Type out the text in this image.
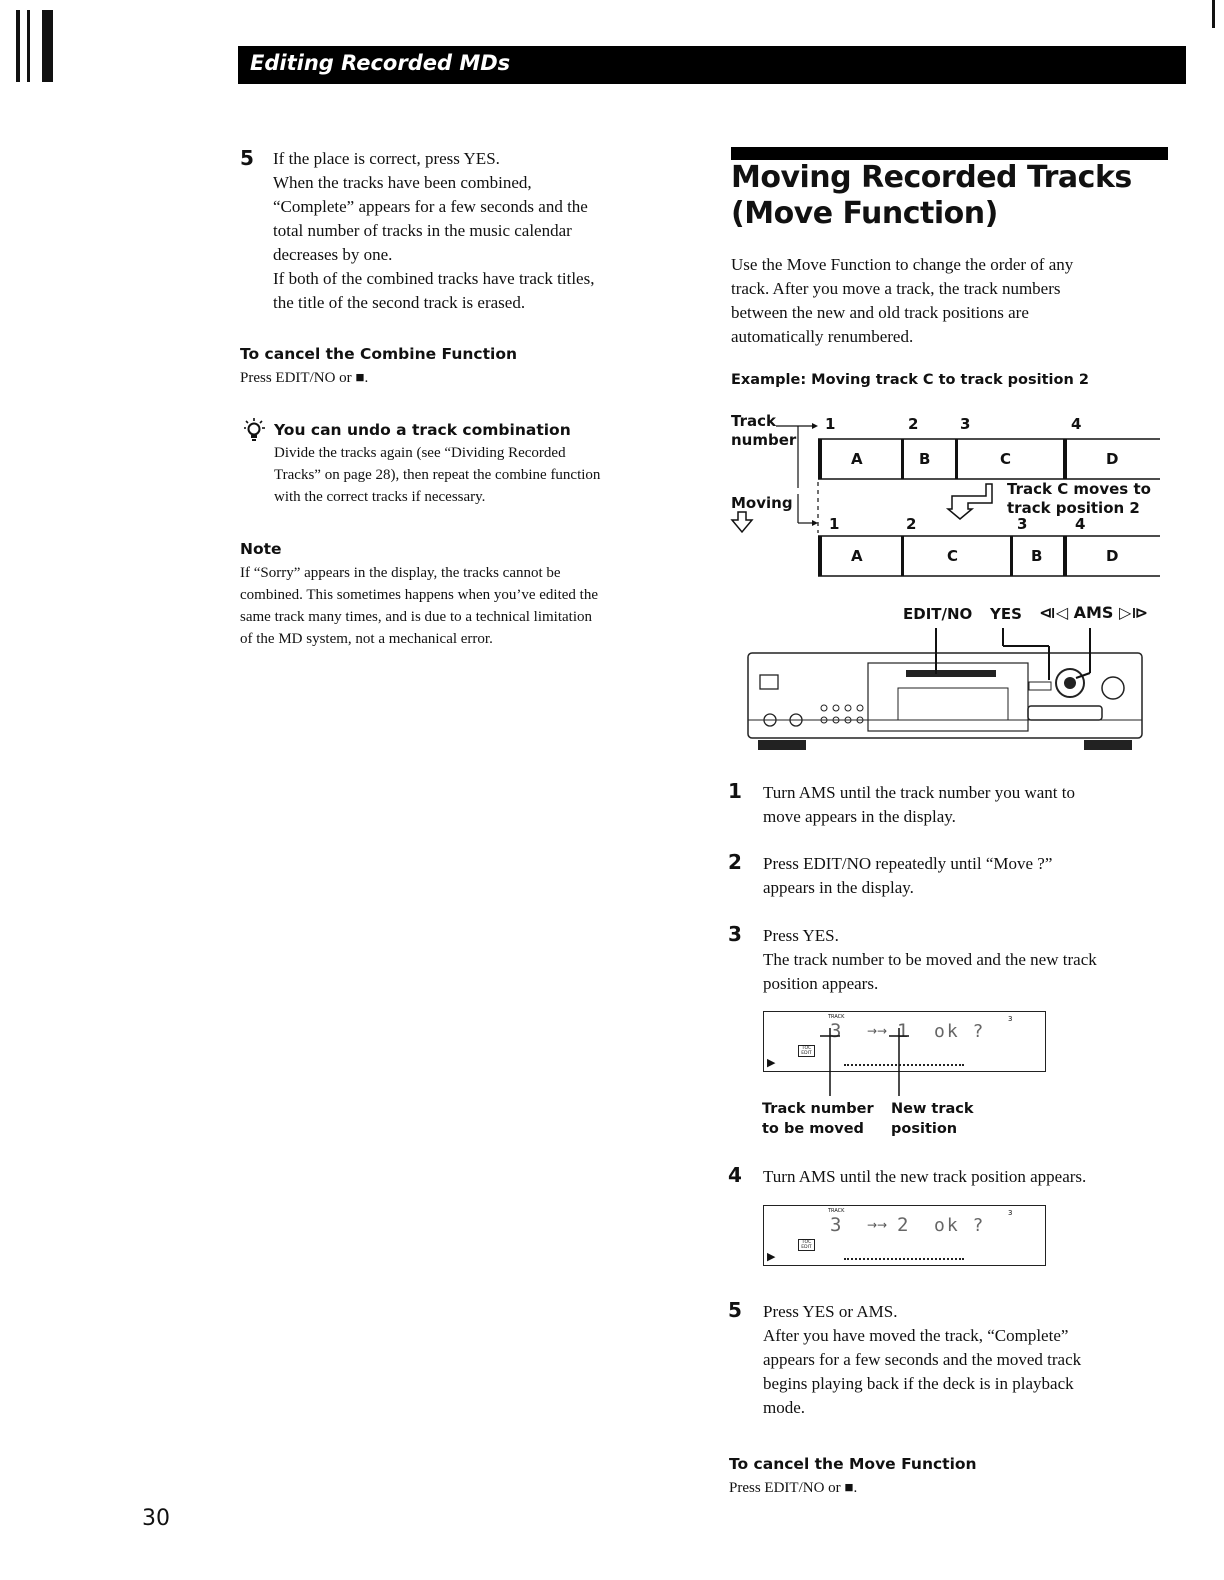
Editing Recorded MDs
5 If the place is correct, press YES.
When the tracks have been combined,
“Complete” appears for a few seconds and the
total number of tracks in the music calendar
decreases by one.
If both of the combined tracks have track titles,
the title of the second track is erased.
To cancel the Combine Function
Press EDIT/NO or ■.
You can undo a track combination
Divide the tracks again (see “Dividing Recorded
Tracks” on page 28), then repeat the combine function
with the correct tracks if necessary.
Note
If “Sorry” appears in the display, the tracks cannot be
combined. This sometimes happens when you’ve edited the
same track many times, and is due to a technical limitation
of the MD system, not a mechanical error.
Moving Recorded Tracks
(Move Function)
Use the Move Function to change the order of any
track. After you move a track, the track numbers
between the new and old track positions are
automatically renumbered.
Example: Moving track C to track position 2
Track
number
Moving
1	2	3	4
A	B	C	D
Track C moves to
track position 2
1	2	3	4
A	C	B	D
EDIT/NO YES ⧏◁ AMS ▷⧐
1 Turn AMS until the track number you want to
move appears in the display.
2 Press EDIT/NO repeatedly until “Move ?”
appears in the display.
3 Press YES.
The track number to be moved and the new track
position appears.
TRACK	3
3 →→ 1 ok ?
TOC EDIT
▶
Track number
to be moved
New track
position
4 Turn AMS until the new track position appears.
TRACK	3
3 →→ 2 ok ?
TOC EDIT
▶
5 Press YES or AMS.
After you have moved the track, “Complete”
appears for a few seconds and the moved track
begins playing back if the deck is in playback
mode.
To cancel the Move Function
Press EDIT/NO or ■.
30
